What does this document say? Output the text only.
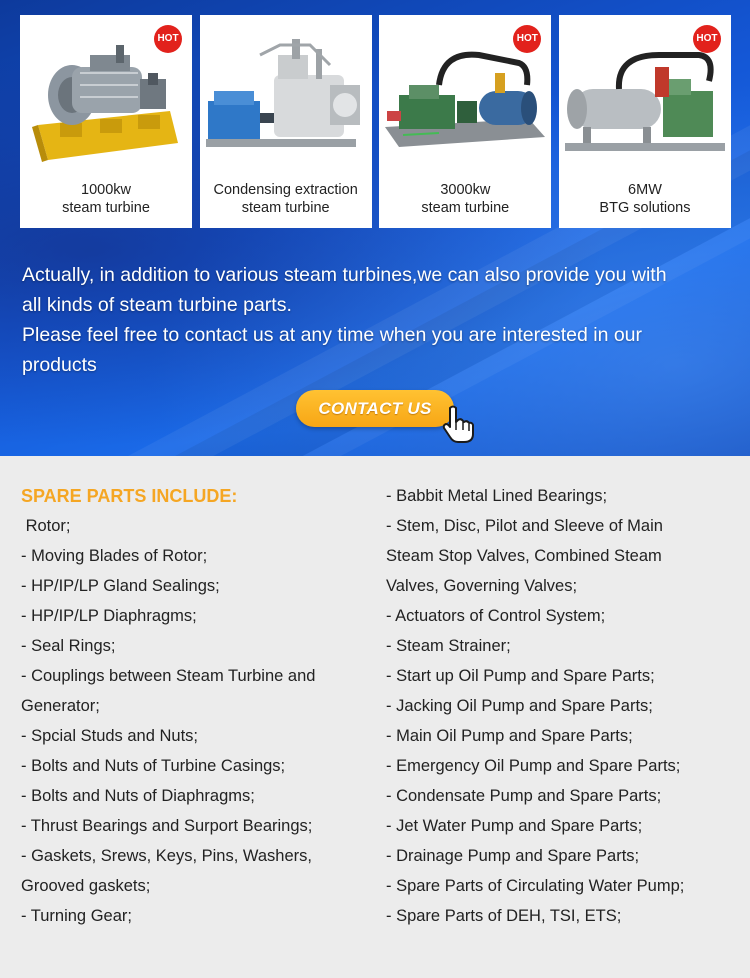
HOT
1000kw
steam turbine
Condensing extraction
steam turbine
HOT
3000kw
steam turbine
HOT
6MW
BTG solutions

Actually, in addition to various steam turbines,we can also provide you with

all kinds of steam turbine parts.

Please feel free to contact us at any time when you are interested in our

products

CONTACT US
SPARE PARTS INCLUDE:
Rotor;
- Moving Blades of Rotor;
- HP/IP/LP Gland Sealings;
- HP/IP/LP Diaphragms;
- Seal Rings;
- Couplings between Steam Turbine and
Generator;
- Spcial Studs and Nuts;
- Bolts and Nuts of Turbine Casings;
- Bolts and Nuts of Diaphragms;
- Thrust Bearings and Surport Bearings;
- Gaskets, Srews, Keys, Pins, Washers,
Grooved gaskets;
- Turning Gear;
- Babbit Metal Lined Bearings;
- Stem, Disc, Pilot and Sleeve of Main
Steam Stop Valves, Combined Steam
Valves, Governing Valves;
- Actuators of Control System;
- Steam Strainer;
- Start up Oil Pump and Spare Parts;
- Jacking Oil Pump and Spare Parts;
- Main Oil Pump and Spare Parts;
- Emergency Oil Pump and Spare Parts;
- Condensate Pump and Spare Parts;
- Jet Water Pump and Spare Parts;
- Drainage Pump and Spare Parts;
- Spare Parts of Circulating Water Pump;
- Spare Parts of DEH, TSI, ETS;
